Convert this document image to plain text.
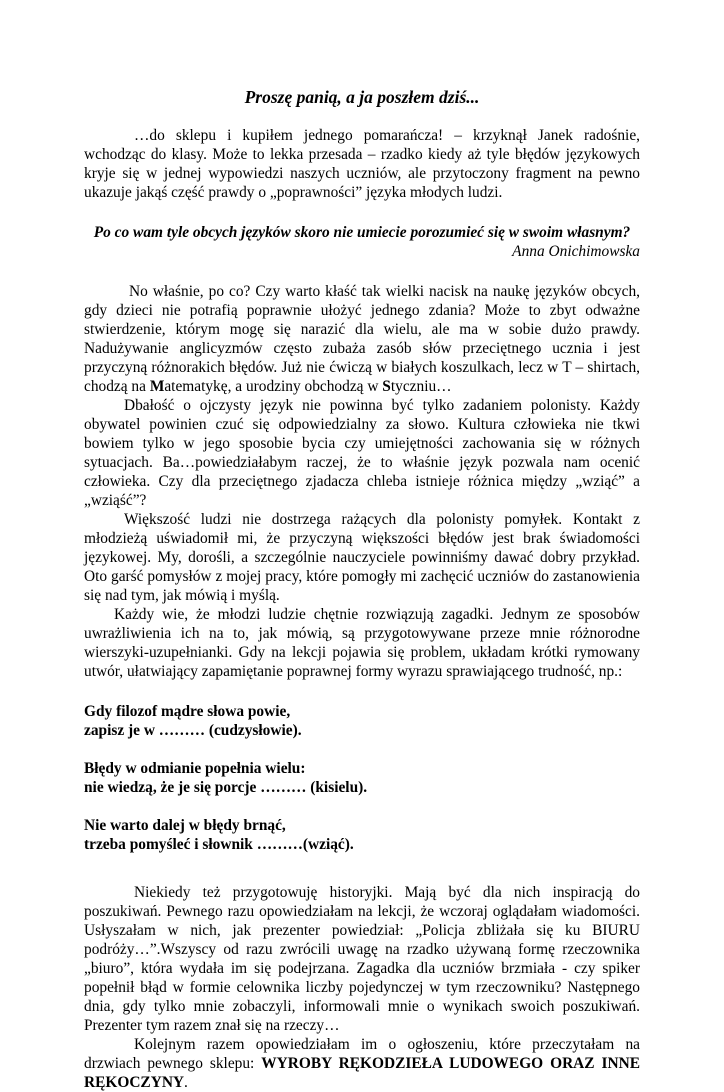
Proszę panią, a ja poszłem dziś...

…do sklepu i kupiłem jednego pomarańcza! – krzyknął Janek radośnie, wchodząc do klasy. Może to lekka przesada – rzadko kiedy aż tyle błędów językowych kryje się w jednej wypowiedzi naszych uczniów, ale przytoczony fragment na pewno ukazuje jakąś część prawdy o „poprawności” języka młodych ludzi.

Po co wam tyle obcych języków skoro nie umiecie porozumieć się w swoim własnym?
Anna Onichimowska

No właśnie, po co? Czy warto kłaść tak wielki nacisk na naukę języków obcych, gdy dzieci nie potrafią poprawnie ułożyć jednego zdania? Może to zbyt odważne stwierdzenie, którym mogę się narazić dla wielu, ale ma w sobie dużo prawdy. Nadużywanie anglicyzmów często zubaża zasób słów przeciętnego ucznia i jest przyczyną różnorakich błędów. Już nie ćwiczą w białych koszulkach, lecz w T – shirtach, chodzą na Matematykę, a urodziny obchodzą w Styczniu…

Dbałość o ojczysty język nie powinna być tylko zadaniem polonisty. Każdy obywatel powinien czuć się odpowiedzialny za słowo. Kultura człowieka nie tkwi bowiem tylko w jego sposobie bycia czy umiejętności zachowania się w różnych sytuacjach. Ba…powiedziałabym raczej, że to właśnie język pozwala nam ocenić człowieka. Czy dla przeciętnego zjadacza chleba istnieje różnica między „wziąć” a „wziąść”?

Większość ludzi nie dostrzega rażących dla polonisty pomyłek. Kontakt z młodzieżą uświadomił mi, że przyczyną większości błędów jest brak świadomości językowej. My, dorośli, a szczególnie nauczyciele powinniśmy dawać dobry przykład. Oto garść pomysłów z mojej pracy, które pomogły mi zachęcić uczniów do zastanowienia się nad tym, jak mówią i myślą.

Każdy wie, że młodzi ludzie chętnie rozwiązują zagadki. Jednym ze sposobów uwrażliwienia ich na to, jak mówią, są przygotowywane przeze mnie różnorodne wierszyki-uzupełnianki. Gdy na lekcji pojawia się problem, układam krótki rymowany utwór, ułatwiający zapamiętanie poprawnej formy wyrazu sprawiającego trudność, np.:

Gdy filozof mądre słowa powie,
zapisz je w ……… (cudzysłowie).
Błędy w odmianie popełnia wielu:
nie wiedzą, że je się porcje ……… (kisielu).
Nie warto dalej w błędy brnąć,
trzeba pomyśleć i słownik ………(wziąć).

Niekiedy też przygotowuję historyjki. Mają być dla nich inspiracją do poszukiwań. Pewnego razu opowiedziałam na lekcji, że wczoraj oglądałam wiadomości. Usłyszałam w nich, jak prezenter powiedział: „Policja zbliżała się ku BIURU podróży…”.Wszyscy od razu zwrócili uwagę na rzadko używaną formę rzeczownika „biuro”, która wydała im się podejrzana. Zagadka dla uczniów brzmiała - czy spiker popełnił błąd w formie celownika liczby pojedynczej w tym rzeczowniku? Następnego dnia, gdy tylko mnie zobaczyli, informowali mnie o wynikach swoich poszukiwań. Prezenter tym razem znał się na rzeczy…

Kolejnym razem opowiedziałam im o ogłoszeniu, które przeczytałam na drzwiach pewnego sklepu: WYROBY RĘKODZIEŁA LUDOWEGO ORAZ INNE RĘKOCZYNY.
